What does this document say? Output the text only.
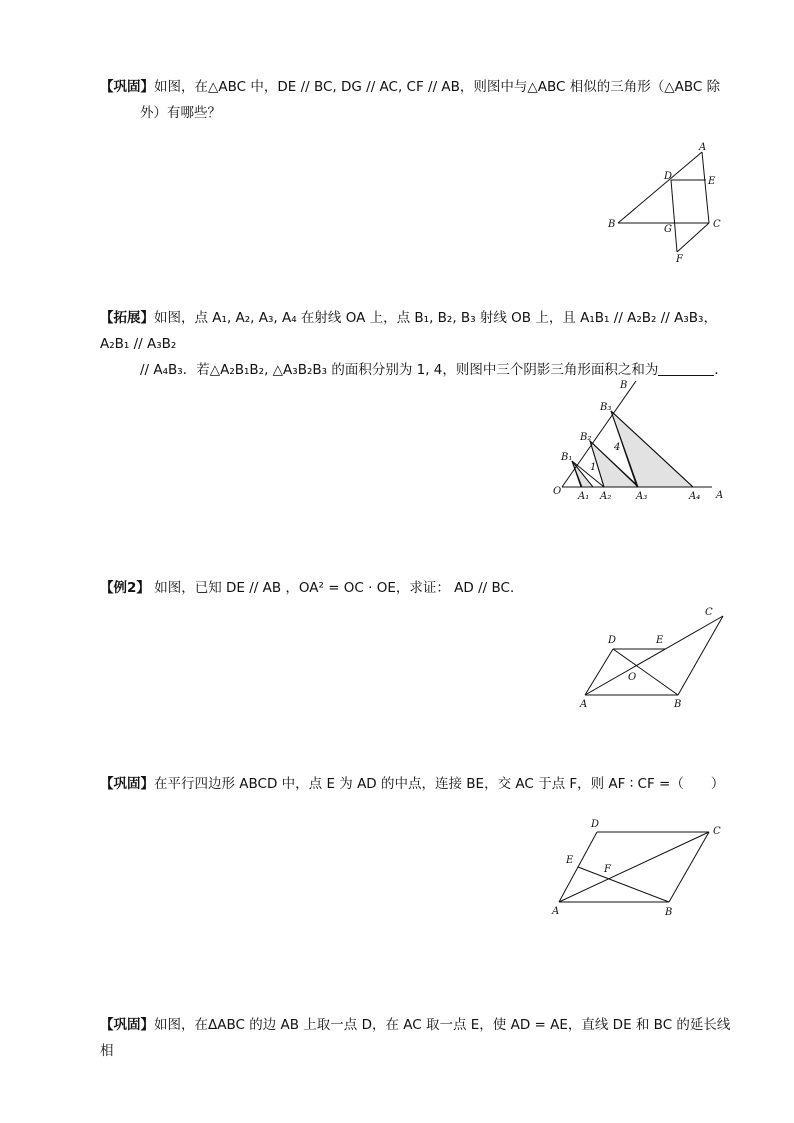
【巩固】如图，在△ABC 中，DE // BC, DG // AC, CF // AB，则图中与△ABC 相似的三角形（△ABC 除
外）有哪些？
A
B	C
D	E
F
G
【拓展】如图，点 A₁, A₂, A₃, A₄ 在射线 OA 上，点 B₁, B₂, B₃ 射线 OB 上，且 A₁B₁ // A₂B₂ // A₃B₃， A₂B₁ // A₃B₂
// A₄B₃．若△A₂B₁B₂, △A₃B₂B₃ 的面积分别为 1, 4，则图中三个阴影三角形面积之和为	．
O	A
B
A₁ A₂ A₃	A₄
B₁
B₂
B₃
1
4
【例2】 如图，已知 DE // AB ，OA² = OC · OE，求证： AD // BC．
A	B
C
D	E
O
【巩固】在平行四边形 ABCD 中，点 E 为 AD 的中点，连接 BE，交 AC 于点 F，则 AF ∶ CF =（　　）
A	B
C
D
E
F
【巩固】如图，在ΔABC 的边 AB 上取一点 D，在 AC 取一点 E，使 AD = AE，直线 DE 和 BC 的延长线相
